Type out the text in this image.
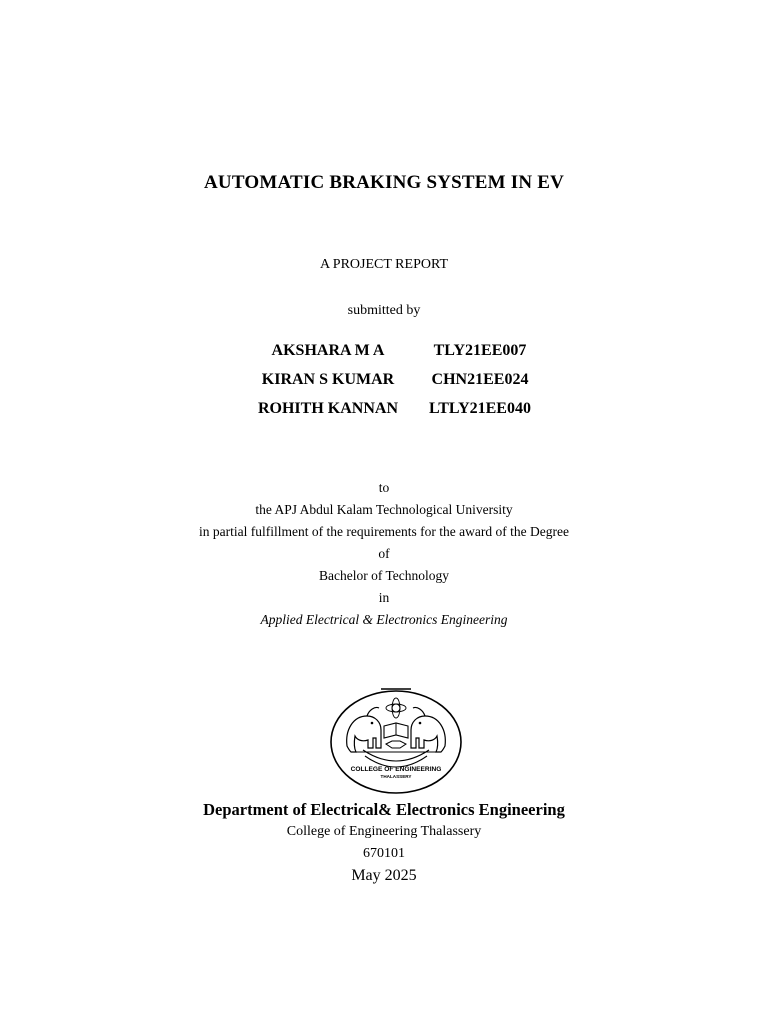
AUTOMATIC BRAKING SYSTEM IN EV
A PROJECT REPORT
submitted by
AKSHARA M A	TLY21EE007
KIRAN S KUMAR	CHN21EE024
ROHITH KANNAN	LTLY21EE040
to
the APJ Abdul Kalam Technological University
in partial fulfillment of the requirements for the award of the Degree
of
Bachelor of Technology
in
Applied Electrical & Electronics Engineering
COLLEGE OF ENGINEERING
THALASSERY
Department of Electrical& Electronics Engineering
College of Engineering Thalassery
670101
May 2025
